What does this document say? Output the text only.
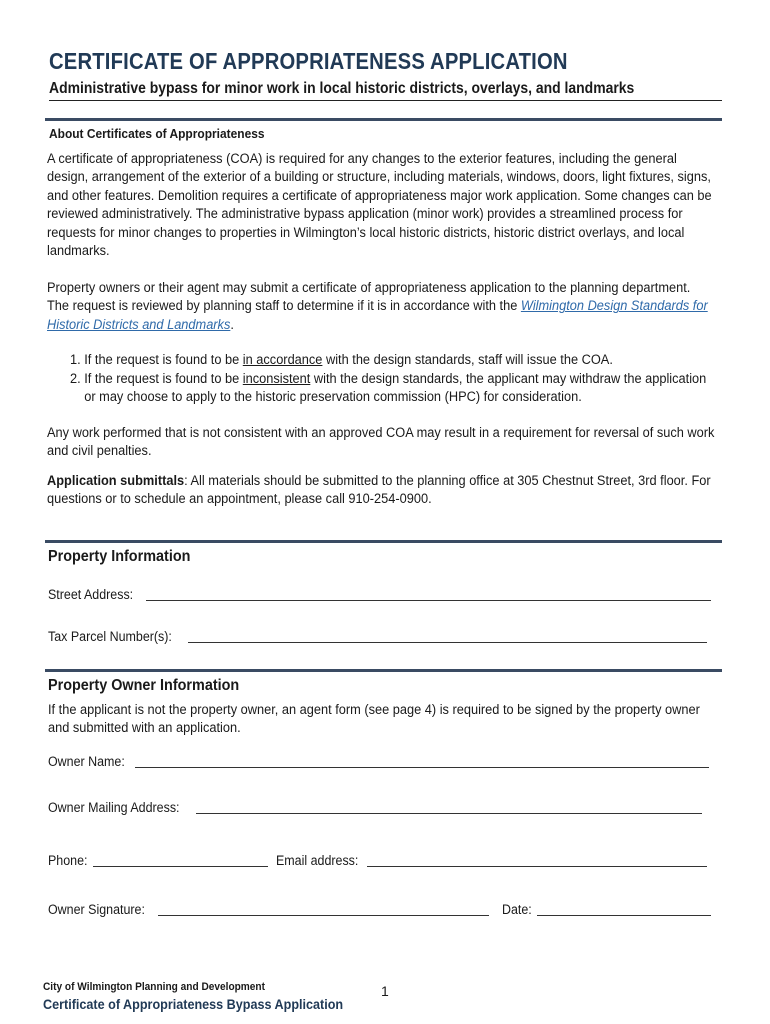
CERTIFICATE OF APPROPRIATENESS APPLICATION
Administrative bypass for minor work in local historic districts, overlays, and landmarks
About Certificates of Appropriateness

A certificate of appropriateness (COA) is required for any changes to the exterior features, including the general design, arrangement of the exterior of a building or structure, including materials, windows, doors, light fixtures, signs, and other features. Demolition requires a certificate of appropriateness major work application. Some changes can be reviewed administratively. The administrative bypass application (minor work) provides a streamlined process for requests for minor changes to properties in Wilmington’s local historic districts, historic district overlays, and local landmarks.

Property owners or their agent may submit a certificate of appropriateness application to the planning department. The request is reviewed by planning staff to determine if it is in accordance with the Wilmington Design Standards for Historic Districts and Landmarks.

1. If the request is found to be in accordance with the design standards, staff will issue the COA.
2. If the request is found to be inconsistent with the design standards, the applicant may withdraw the application or may choose to apply to the historic preservation commission (HPC) for consideration.

Any work performed that is not consistent with an approved COA may result in a requirement for reversal of such work and civil penalties.

Application submittals: All materials should be submitted to the planning office at 305 Chestnut Street, 3rd floor. For questions or to schedule an appointment, please call 910-254-0900.

Property Information
Street Address:
Tax Parcel Number(s):
Property Owner Information

If the applicant is not the property owner, an agent form (see page 4) is required to be signed by the property owner and submitted with an application.

Owner Name:
Owner Mailing Address:
Phone:	Email address:
Owner Signature:	Date:

City of Wilmington Planning and Development

Certificate of Appropriateness Bypass Application

1
